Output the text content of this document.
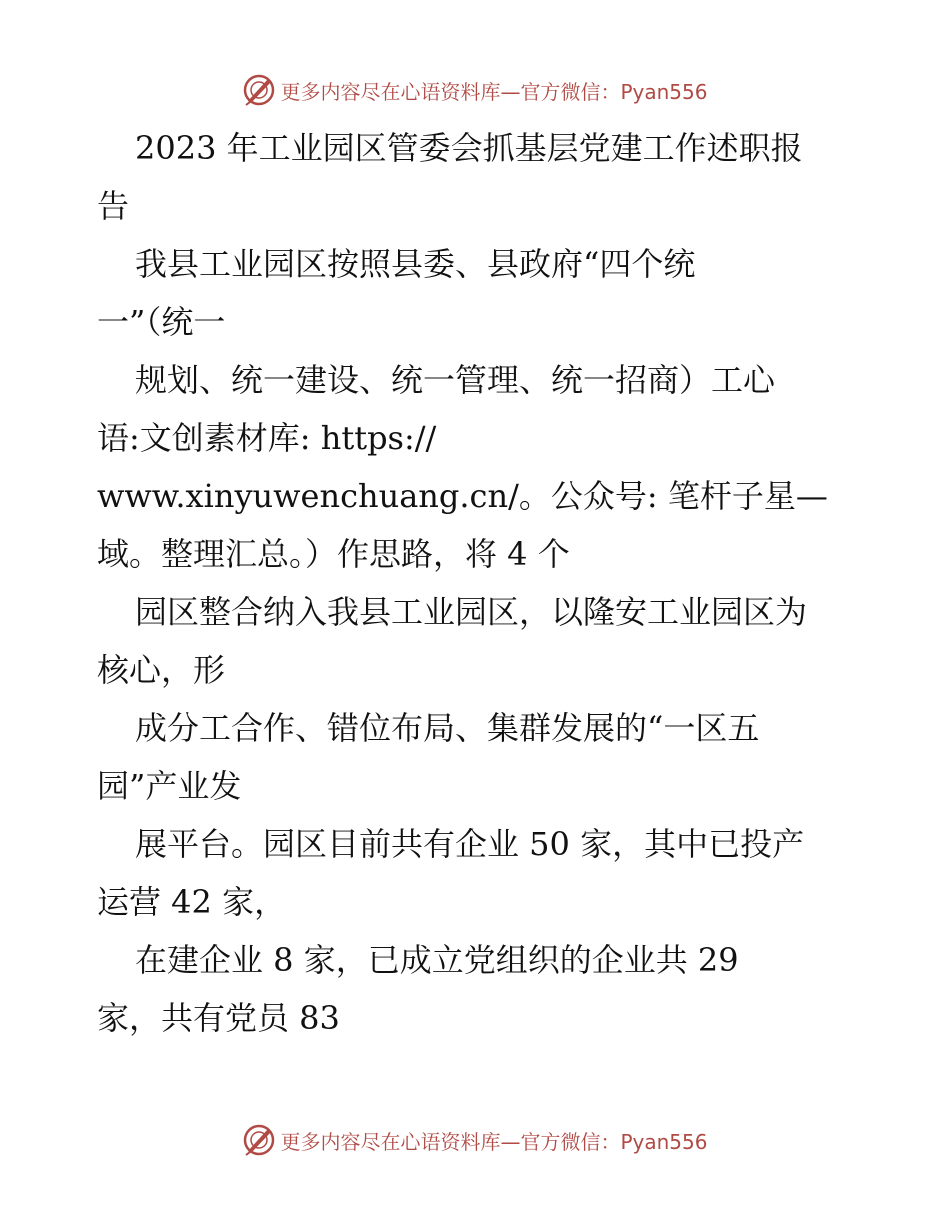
更多内容尽在心语资料库—官方微信：Pyan556
2023 年工业园区管委会抓基层党建工作述职报
告
我县工业园区按照县委、县政府“四个统
一”（统一
规划、统一建设、统一管理、统一招商）工心
语:文创素材库: https://
www.xinyuwenchuang.cn/。公众号: 笔杆子星—
域。整理汇总。）作思路，将 4 个
园区整合纳入我县工业园区，以隆安工业园区为
核心，形
成分工合作、错位布局、集群发展的“一区五
园”产业发
展平台。园区目前共有企业 50 家，其中已投产
运营 42 家，
在建企业 8 家，已成立党组织的企业共 29
家，共有党员 83
更多内容尽在心语资料库—官方微信：Pyan556
